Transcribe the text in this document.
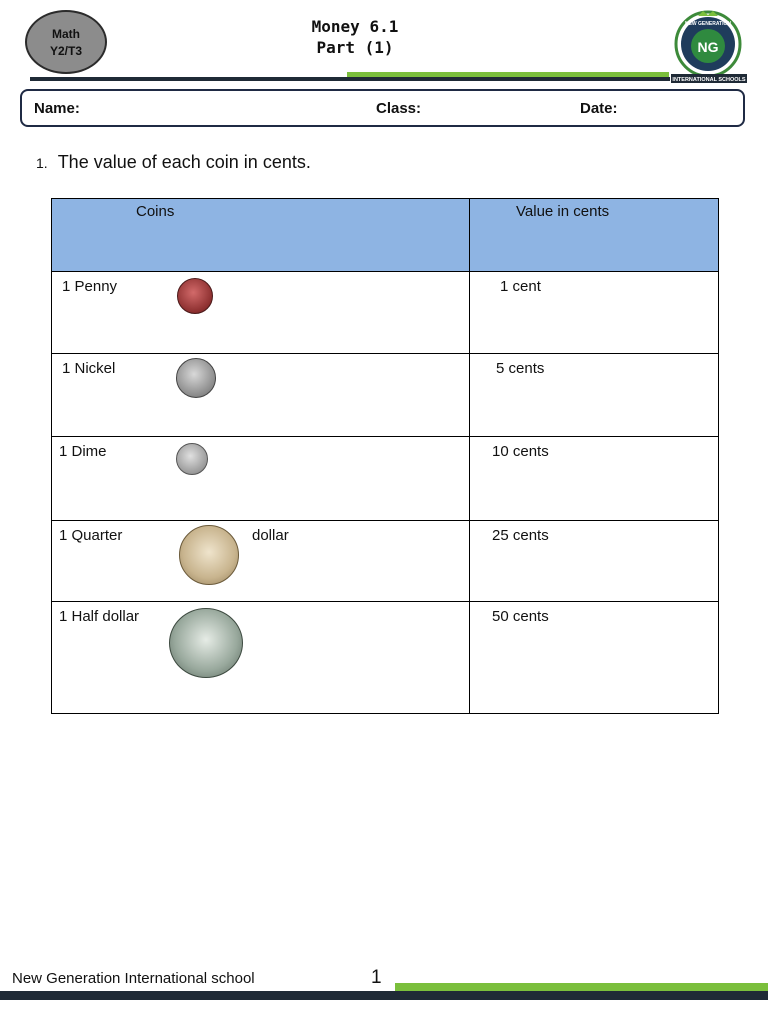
Math
Y2/T3
Money 6.1
Part (1)	NG
NEW GENERATION
INTERNATIONAL SCHOOLS
Name:	Class:	Date:
1. The value of each coin in cents.
Coins	Value in cents

1 Penny	1 cent

1 Nickel	5 cents

1 Dime	10 cents

1 Quarter dollar	25 cents

1 Half dollar	50 cents
New Generation International school	1
